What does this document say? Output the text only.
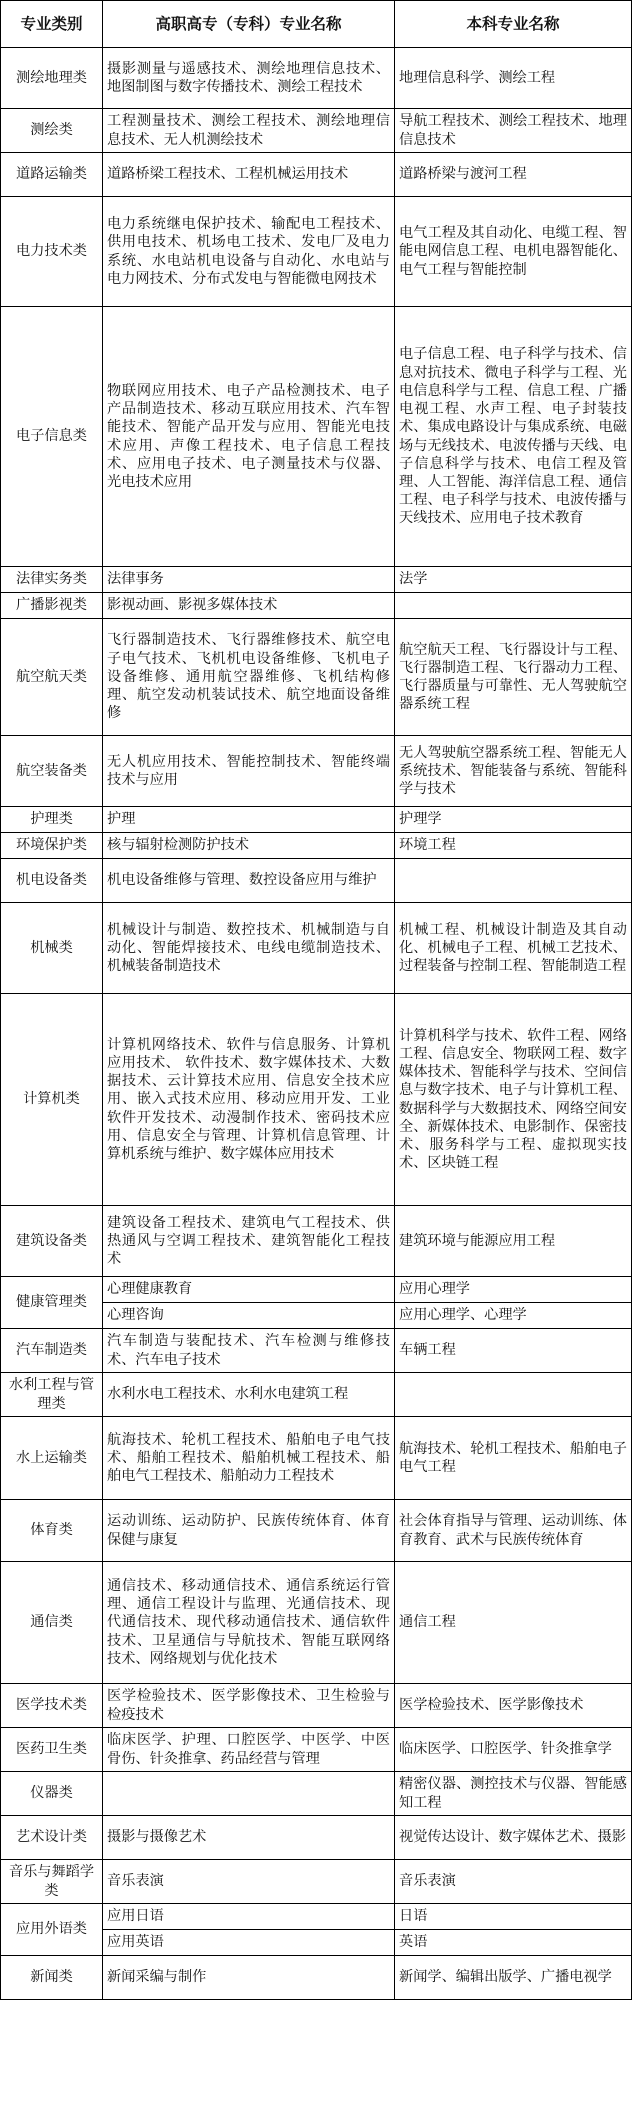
专业类别	高职高专（专科）专业名称	本科专业名称
测绘地理类	摄影测量与遥感技术、测绘地理信息技术、地图制图与数字传播技术、测绘工程技术	地理信息科学、测绘工程
测绘类	工程测量技术、测绘工程技术、测绘地理信息技术、无人机测绘技术	导航工程技术、测绘工程技术、地理信息技术
道路运输类	道路桥梁工程技术、工程机械运用技术	道路桥梁与渡河工程
电力技术类	电力系统继电保护技术、输配电工程技术、供用电技术、机场电工技术、发电厂及电力系统、水电站机电设备与自动化、水电站与电力网技术、分布式发电与智能微电网技术	电气工程及其自动化、电缆工程、智能电网信息工程、电机电器智能化、电气工程与智能控制
电子信息类	物联网应用技术、电子产品检测技术、电子产品制造技术、移动互联应用技术、汽车智能技术、智能产品开发与应用、智能光电技术应用、声像工程技术、电子信息工程技术、应用电子技术、电子测量技术与仪器、光电技术应用	电子信息工程、电子科学与技术、信息对抗技术、微电子科学与工程、光电信息科学与工程、信息工程、广播电视工程、水声工程、电子封装技术、集成电路设计与集成系统、电磁场与无线技术、电波传播与天线、电子信息科学与技术、电信工程及管理、人工智能、海洋信息工程、通信工程、电子科学与技术、电波传播与天线技术、应用电子技术教育
法律实务类	法律事务	法学
广播影视类	影视动画、影视多媒体技术	
航空航天类	飞行器制造技术、飞行器维修技术、航空电子电气技术、飞机机电设备维修、飞机电子设备维修、通用航空器维修、飞机结构修理、航空发动机装试技术、航空地面设备维修	航空航天工程、飞行器设计与工程、飞行器制造工程、飞行器动力工程、飞行器质量与可靠性、无人驾驶航空器系统工程
航空装备类	无人机应用技术、智能控制技术、智能终端技术与应用	无人驾驶航空器系统工程、智能无人系统技术、智能装备与系统、智能科学与技术
护理类	护理	护理学
环境保护类	核与辐射检测防护技术	环境工程
机电设备类	机电设备维修与管理、数控设备应用与维护	
机械类	机械设计与制造、数控技术、机械制造与自动化、智能焊接技术、电线电缆制造技术、机械装备制造技术	机械工程、机械设计制造及其自动化、机械电子工程、机械工艺技术、过程装备与控制工程、智能制造工程
计算机类	计算机网络技术、软件与信息服务、计算机应用技术、 软件技术、数字媒体技术、大数据技术、云计算技术应用、信息安全技术应用、嵌入式技术应用、移动应用开发、工业软件开发技术、动漫制作技术、密码技术应用、信息安全与管理、计算机信息管理、计算机系统与维护、数字媒体应用技术	计算机科学与技术、软件工程、网络工程、信息安全、物联网工程、数字媒体技术、智能科学与技术、空间信息与数字技术、电子与计算机工程、数据科学与大数据技术、网络空间安全、新媒体技术、电影制作、保密技术、服务科学与工程、虚拟现实技术、区块链工程
建筑设备类	建筑设备工程技术、建筑电气工程技术、供热通风与空调工程技术、建筑智能化工程技术	建筑环境与能源应用工程
健康管理类	心理健康教育	应用心理学
	心理咨询	应用心理学、心理学
汽车制造类	汽车制造与装配技术、汽车检测与维修技术、汽车电子技术	车辆工程
水利工程与管理类	水利水电工程技术、水利水电建筑工程	
水上运输类	航海技术、轮机工程技术、船舶电子电气技术、船舶工程技术、船舶机械工程技术、船舶电气工程技术、船舶动力工程技术	航海技术、轮机工程技术、船舶电子电气工程
体育类	运动训练、运动防护、民族传统体育、体育保健与康复	社会体育指导与管理、运动训练、体育教育、武术与民族传统体育
通信类	通信技术、移动通信技术、通信系统运行管理、通信工程设计与监理、光通信技术、现代通信技术、现代移动通信技术、通信软件技术、卫星通信与导航技术、智能互联网络技术、网络规划与优化技术	通信工程
医学技术类	医学检验技术、医学影像技术、卫生检验与检疫技术	医学检验技术、医学影像技术
医药卫生类	临床医学、护理、口腔医学、中医学、中医骨伤、针灸推拿、药品经营与管理	临床医学、口腔医学、针灸推拿学
仪器类		精密仪器、测控技术与仪器、智能感知工程
艺术设计类	摄影与摄像艺术	视觉传达设计、数字媒体艺术、摄影
音乐与舞蹈学类	音乐表演	音乐表演
应用外语类	应用日语	日语
	应用英语	英语
新闻类	新闻采编与制作	新闻学、编辑出版学、广播电视学
